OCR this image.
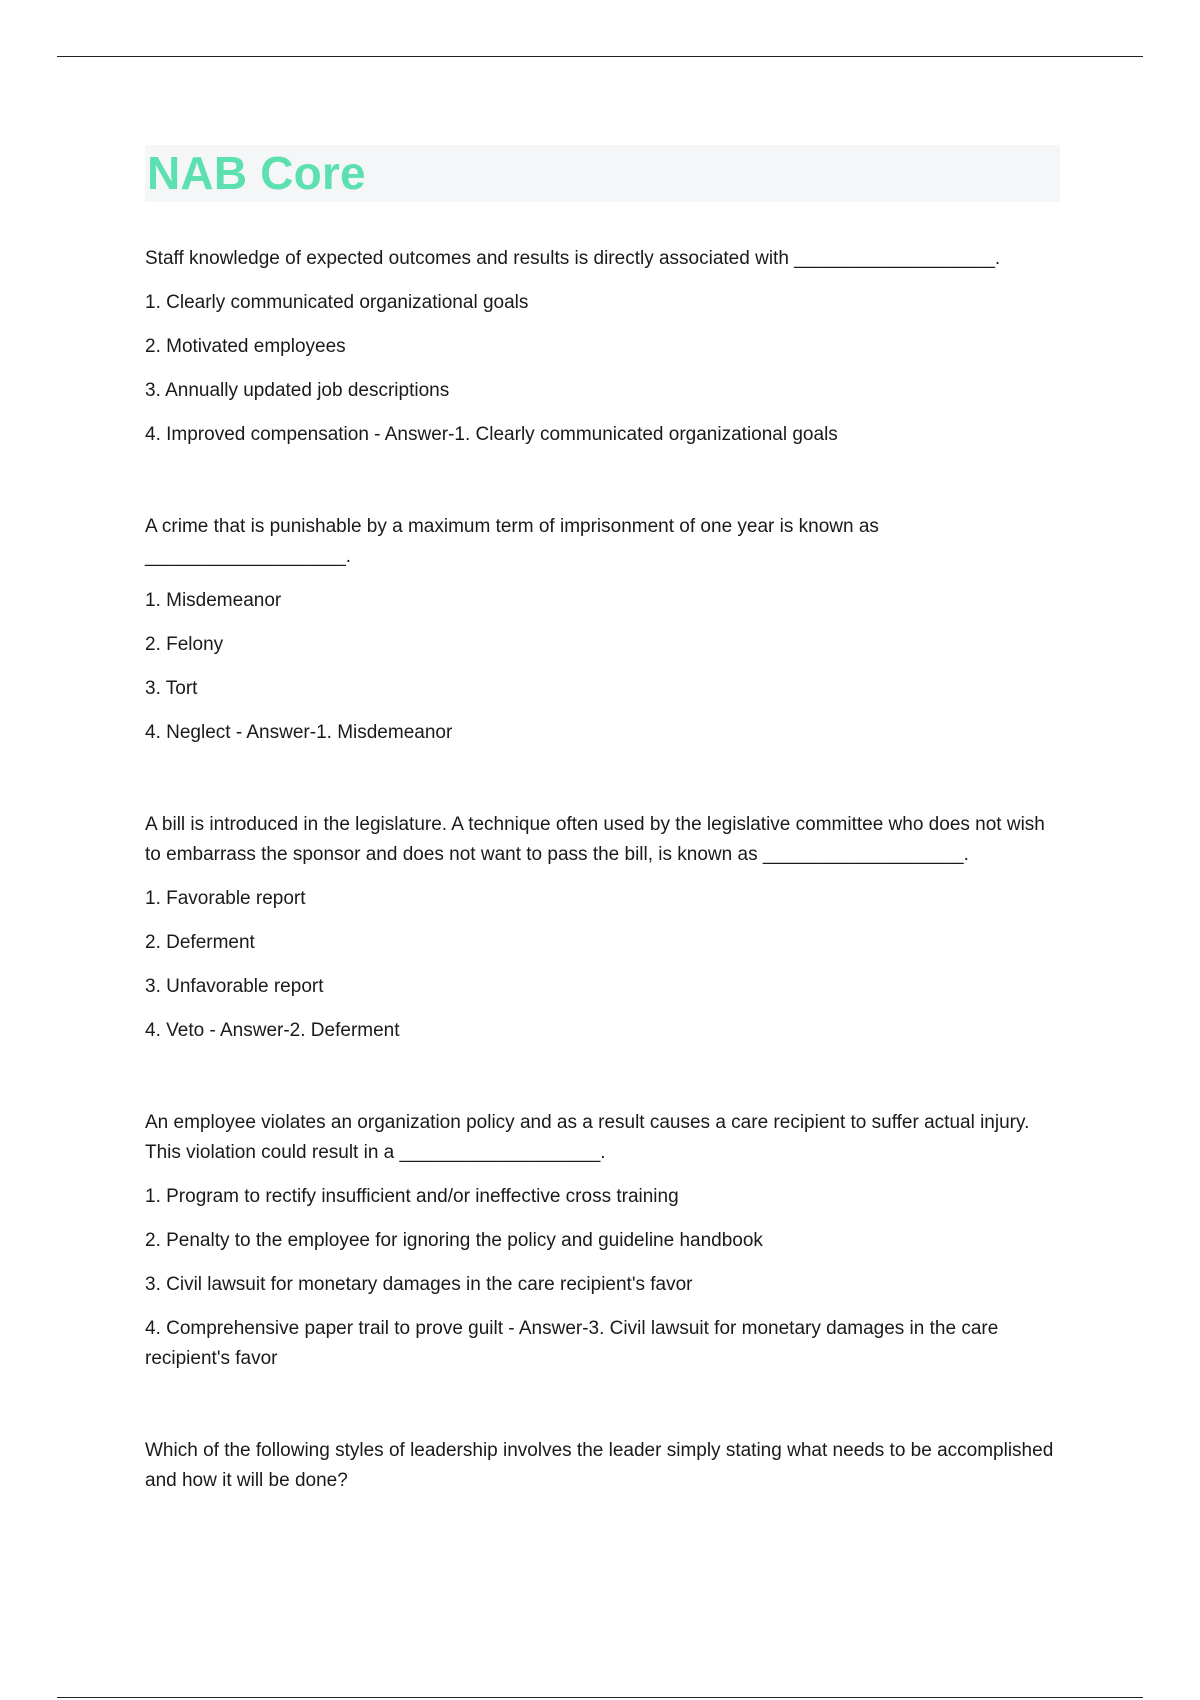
NAB Core

Staff knowledge of expected outcomes and results is directly associated with ___________________.

1. Clearly communicated organizational goals

2. Motivated employees

3. Annually updated job descriptions

4. Improved compensation - Answer-1. Clearly communicated organizational goals

A crime that is punishable by a maximum term of imprisonment of one year is known as ___________________.

1. Misdemeanor

2. Felony

3. Tort

4. Neglect - Answer-1. Misdemeanor

A bill is introduced in the legislature. A technique often used by the legislative committee who does not wish to embarrass the sponsor and does not want to pass the bill, is known as ___________________.

1. Favorable report

2. Deferment

3. Unfavorable report

4. Veto - Answer-2. Deferment

An employee violates an organization policy and as a result causes a care recipient to suffer actual injury. This violation could result in a ___________________.

1. Program to rectify insufficient and/or ineffective cross training

2. Penalty to the employee for ignoring the policy and guideline handbook

3. Civil lawsuit for monetary damages in the care recipient's favor

4. Comprehensive paper trail to prove guilt - Answer-3. Civil lawsuit for monetary damages in the care recipient's favor

Which of the following styles of leadership involves the leader simply stating what needs to be accomplished and how it will be done?
